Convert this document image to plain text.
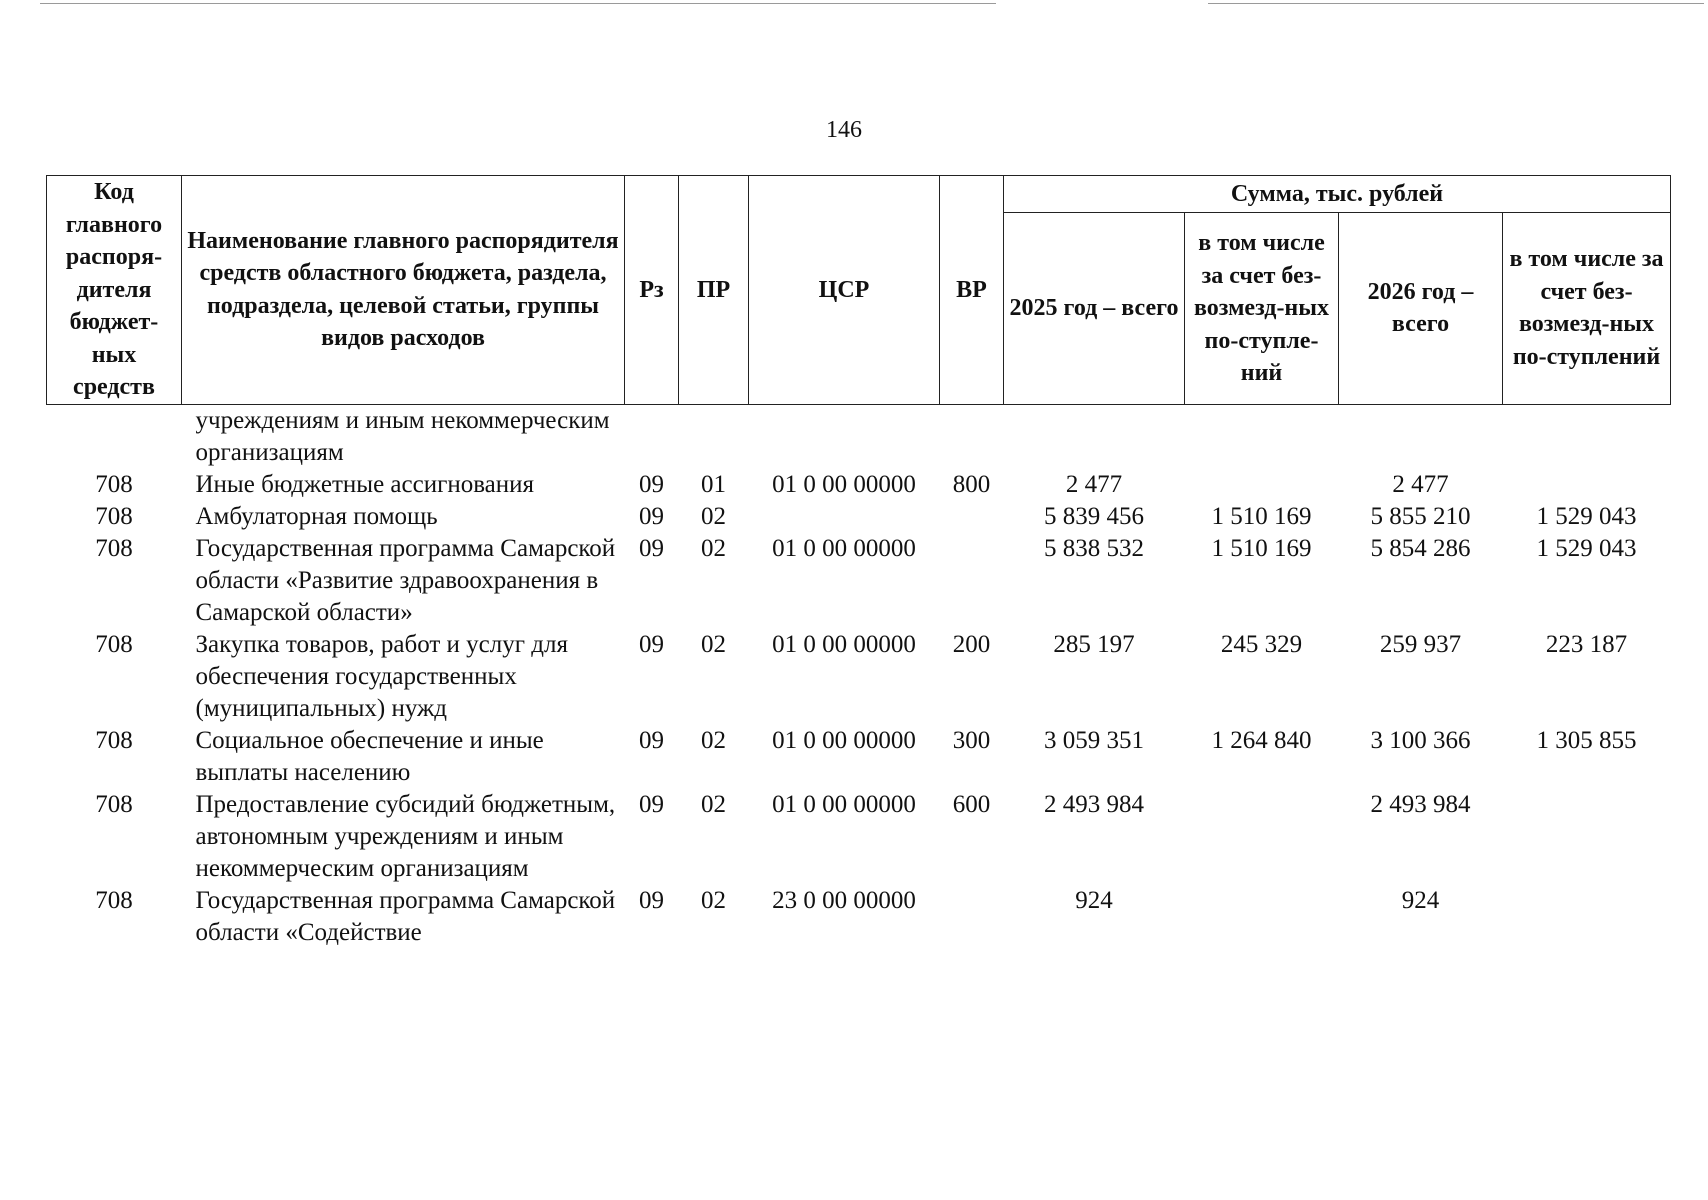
146
Код главного распоря-дителя бюджет-ных средств	Наименование главного распорядителя средств областного бюджета, раздела, подраздела, целевой статьи, группы видов расходов	Рз	ПР	ЦСР	ВР	Сумма, тыс. рублей			
						2025 год – всего	в том числе за счет без-возмезд-ных по-ступле-ний	2026 год – всего	в том числе за счет без-возмезд-ных по-ступлений
	учреждениям и иным некоммерческим организациям								
708	Иные бюджетные ассигнования	09	01	01 0 00 00000	800	2 477		2 477	
708	Амбулаторная помощь	09	02			5 839 456	1 510 169	5 855 210	1 529 043
708	Государственная программа Самарской области «Развитие здравоохранения в Самарской области»	09	02	01 0 00 00000		5 838 532	1 510 169	5 854 286	1 529 043
708	Закупка товаров, работ и услуг для обеспечения государственных (муниципальных) нужд	09	02	01 0 00 00000	200	285 197	245 329	259 937	223 187
708	Социальное обеспечение и иные выплаты населению	09	02	01 0 00 00000	300	3 059 351	1 264 840	3 100 366	1 305 855
708	Предоставление субсидий бюджетным, автономным учреждениям и иным некоммерческим организациям	09	02	01 0 00 00000	600	2 493 984		2 493 984	
708	Государственная программа Самарской области «Содействие	09	02	23 0 00 00000		924		924	
